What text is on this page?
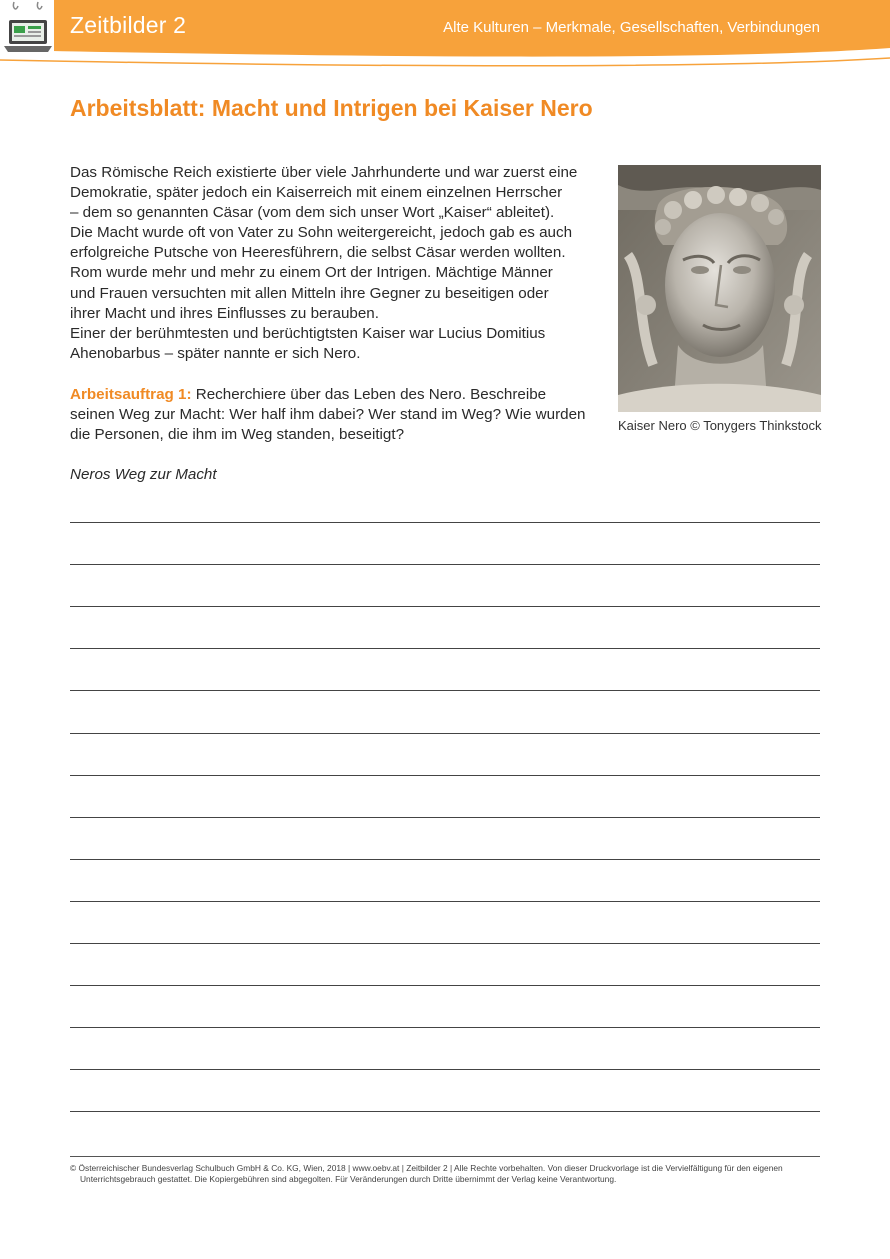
Zeitbilder 2	Alte Kulturen – Merkmale, Gesellschaften, Verbindungen
Arbeitsblatt: Macht und Intrigen bei Kaiser Nero

Das Römische Reich existierte über viele Jahrhunderte und war zuerst eine

Demokratie, später jedoch ein Kaiserreich mit einem einzelnen Herrscher

– dem so genannten Cäsar (vom dem sich unser Wort „Kaiser“ ableitet).

Die Macht wurde oft von Vater zu Sohn weitergereicht, jedoch gab es auch

erfolgreiche Putsche von Heeresführern, die selbst Cäsar werden wollten.

Rom wurde mehr und mehr zu einem Ort der Intrigen. Mächtige Männer

und Frauen versuchten mit allen Mitteln ihre Gegner zu beseitigen oder

ihrer Macht und ihres Einflusses zu berauben.

Einer der berühmtesten und berüchtigtsten Kaiser war Lucius Domitius

Ahenobarbus – später nannte er sich Nero.

Arbeitsauftrag 1: Recherchiere über das Leben des Nero. Beschreibe

seinen Weg zur Macht: Wer half ihm dabei? Wer stand im Weg? Wie wurden

die Personen, die ihm im Weg standen, beseitigt?

Kaiser Nero © Tonygers Thinkstock
Neros Weg zur Macht
© Österreichischer Bundesverlag Schulbuch GmbH & Co. KG, Wien, 2018 | www.oebv.at | Zeitbilder 2 | Alle Rechte vorbehalten. Von dieser Druckvorlage ist die Vervielfältigung für den eigenen
Unterrichtsgebrauch gestattet. Die Kopiergebühren sind abgegolten. Für Veränderungen durch Dritte übernimmt der Verlag keine Verantwortung.
